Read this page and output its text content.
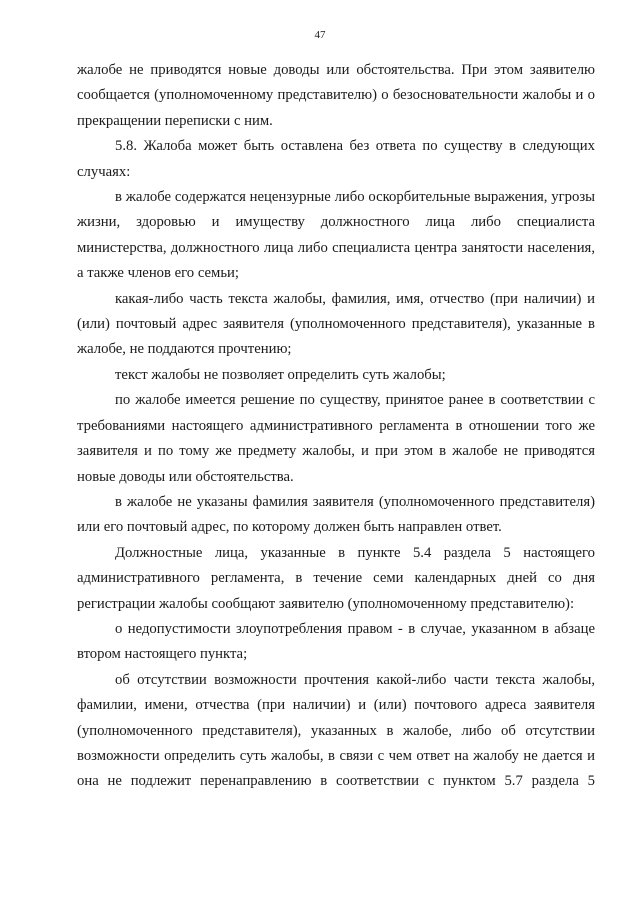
47

жалобе не приводятся новые доводы или обстоятельства. При этом заявителю сообщается (уполномоченному представителю) о безосновательности жалобы и о прекращении переписки с ним.

5.8. Жалоба может быть оставлена без ответа по существу в следующих случаях:

в жалобе содержатся нецензурные либо оскорбительные выражения, угрозы жизни, здоровью и имуществу должностного лица либо специалиста министерства, должностного лица либо специалиста центра занятости населения, а также членов его семьи;

какая-либо часть текста жалобы, фамилия, имя, отчество (при наличии) и (или) почтовый адрес заявителя (уполномоченного представителя), указанные в жалобе, не поддаются прочтению;

текст жалобы не позволяет определить суть жалобы;

по жалобе имеется решение по существу, принятое ранее в соответствии с требованиями настоящего административного регламента в отношении того же заявителя и по тому же предмету жалобы, и при этом в жалобе не приводятся новые доводы или обстоятельства.

в жалобе не указаны фамилия заявителя (уполномоченного представителя) или его почтовый адрес, по которому должен быть направлен ответ.

Должностные лица, указанные в пункте 5.4 раздела 5 настоящего административного регламента, в течение семи календарных дней со дня регистрации жалобы сообщают заявителю (уполномоченному представителю):

о недопустимости злоупотребления правом - в случае, указанном в абзаце втором настоящего пункта;

об отсутствии возможности прочтения какой-либо части текста жалобы, фамилии, имени, отчества (при наличии) и (или) почтового адреса заявителя (уполномоченного представителя), указанных в жалобе, либо об отсутствии возможности определить суть жалобы, в связи с чем ответ на жалобу не дается и она не подлежит перенаправлению в соответствии с пунктом 5.7 раздела 5
